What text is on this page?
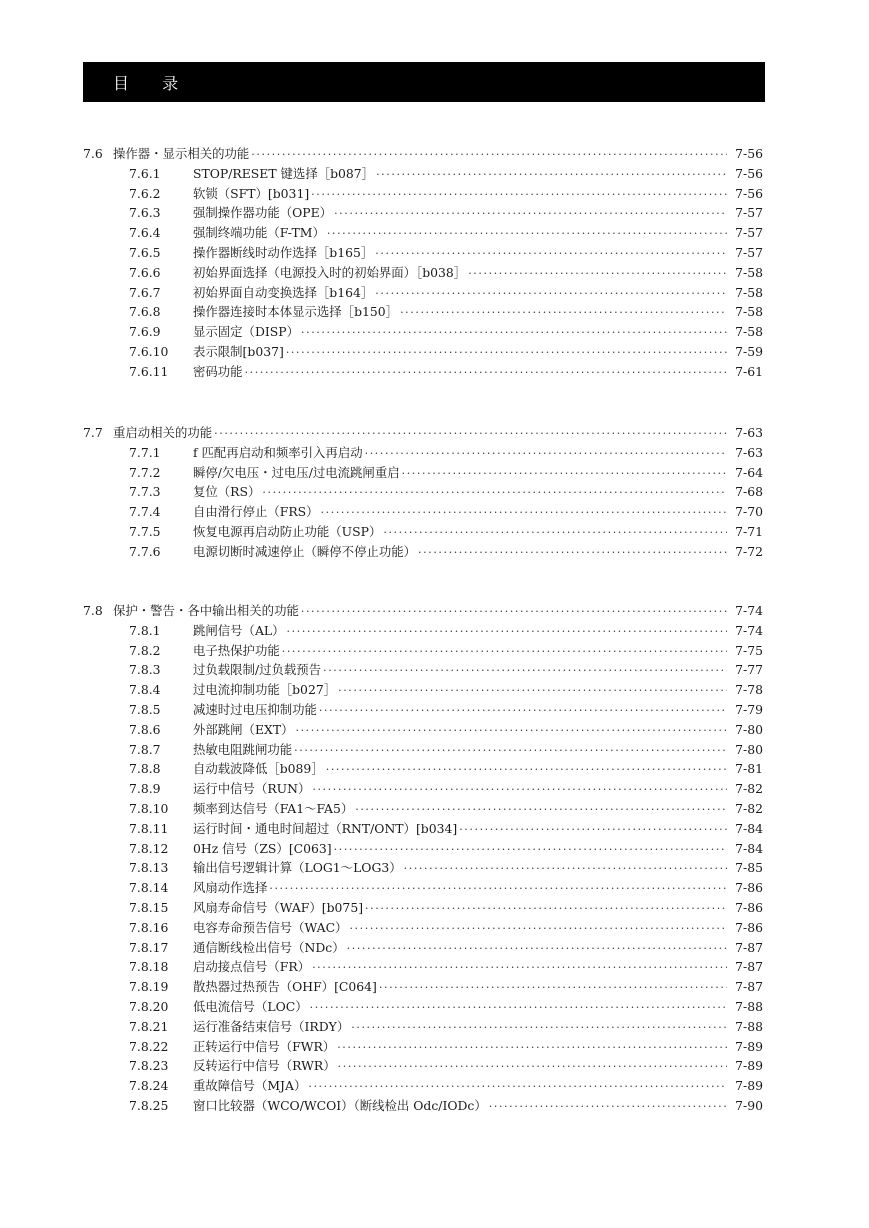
目 录
7.6 操作器・显示相关的功能 ·····	7-56
7.6.1	STOP/RESET 键选择［b087］ ·····	7-56
7.6.2	软锁（SFT）[b031] ·····	7-56
7.6.3	强制操作器功能（OPE） ·····	7-57
7.6.4	强制终端功能（F-TM） ·····	7-57
7.6.5	操作器断线时动作选择［b165］ ·····	7-57
7.6.6	初始界面选择（电源投入时的初始界面）［b038］ ·····	7-58
7.6.7	初始界面自动变换选择［b164］ ·····	7-58
7.6.8	操作器连接时本体显示选择［b150］ ·····	7-58
7.6.9	显示固定（DISP） ·····	7-58
7.6.10	表示限制[b037] ·····	7-59
7.6.11	密码功能 ·····	7-61
7.7 重启动相关的功能 ·····	7-63
7.7.1	f 匹配再启动和频率引入再启动 ·····	7-63
7.7.2	瞬停/欠电压・过电压/过电流跳闸重启 ·····	7-64
7.7.3	复位（RS） ·····	7-68
7.7.4	自由滑行停止（FRS） ·····	7-70
7.7.5	恢复电源再启动防止功能（USP） ·····	7-71
7.7.6	电源切断时减速停止（瞬停不停止功能） ·····	7-72
7.8 保护・警告・各中输出相关的功能 ·····	7-74
7.8.1	跳闸信号（AL） ·····	7-74
7.8.2	电子热保护功能 ·····	7-75
7.8.3	过负载限制/过负载预告 ·····	7-77
7.8.4	过电流抑制功能［b027］ ·····	7-78
7.8.5	减速时过电压抑制功能 ·····	7-79
7.8.6	外部跳闸（EXT） ·····	7-80
7.8.7	热敏电阻跳闸功能 ·····	7-80
7.8.8	自动载波降低［b089］ ·····	7-81
7.8.9	运行中信号（RUN） ·····	7-82
7.8.10	频率到达信号（FA1～FA5） ·····	7-82
7.8.11	运行时间・通电时间超过（RNT/ONT）[b034] ·····	7-84
7.8.12	0Hz 信号（ZS）[C063] ·····	7-84
7.8.13	输出信号逻辑计算（LOG1～LOG3） ·····	7-85
7.8.14	风扇动作选择 ·····	7-86
7.8.15	风扇寿命信号（WAF）[b075] ·····	7-86
7.8.16	电容寿命预告信号（WAC） ·····	7-86
7.8.17	通信断线检出信号（NDc） ·····	7-87
7.8.18	启动接点信号（FR） ·····	7-87
7.8.19	散热器过热预告（OHF）[C064] ·····	7-87
7.8.20	低电流信号（LOC） ·····	7-88
7.8.21	运行准备结束信号（IRDY） ·····	7-88
7.8.22	正转运行中信号（FWR） ·····	7-89
7.8.23	反转运行中信号（RWR） ·····	7-89
7.8.24	重故障信号（MJA） ·····	7-89
7.8.25	窗口比较器（WCO/WCOI）（断线检出 Odc/IODc） ·····	7-90
